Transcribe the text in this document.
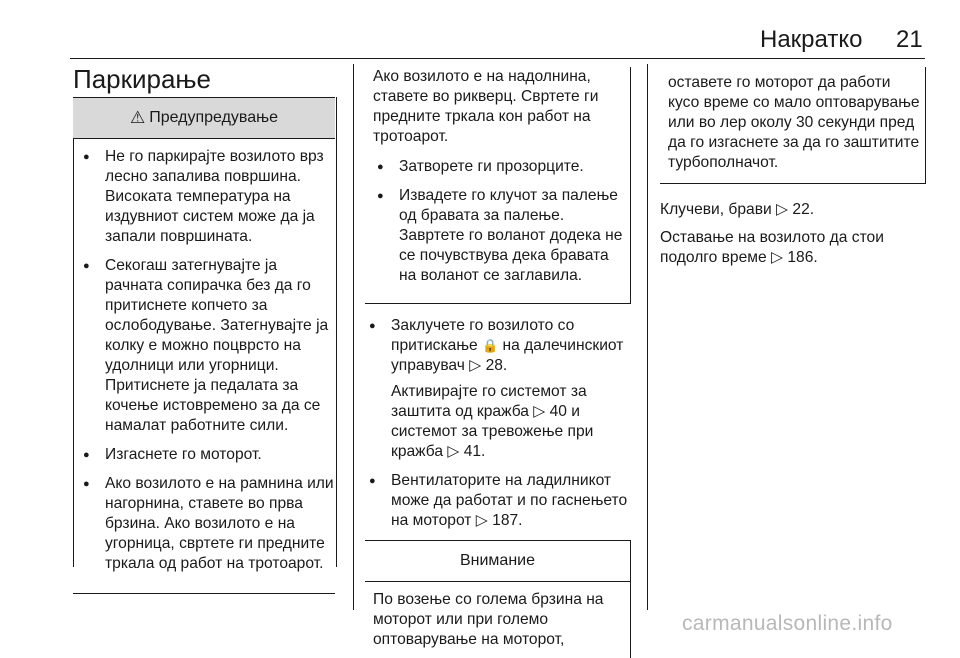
Накратко 21
Паркирање
⚠ Предупредување
● Не го паркирајте возилото врз лесно запалива површина. Високата температура на издувниот систем може да ја запали површината.
● Секогаш затегнувајте ја рачната сопирачка без да го притиснете копчето за ослободување. Затегнувајте ја колку е можно поцврсто на удолници или угорници. Притиснете ја педалата за кочење истовремено за да се намалат работните сили.
● Изгаснете го моторот.
● Ако возилото е на рамнина или нагорнина, ставете во прва брзина. Ако возилото е на угорница, свртете ги предните тркала од работ на тротоарот.

Ако возилото е на надолнина, ставете во рикверц. Свртете ги предните тркала кон работ на тротоарот.

● Затворете ги прозорците.
● Извадете го клучот за палење од бравата за палење. Завртете го воланот додека не се почувствува дека бравата на воланот се заглавила.

● Заклучете го возилото со притискање 🔒 на далечинскиот управувач ▷ 28.

Активирајте го системот за заштита од кражба ▷ 40 и системот за тревожење при кражба ▷ 41.

● Вентилаторите на ладилникот може да работат и по гаснењето на моторот ▷ 187.
Внимание
По возење со голема брзина на моторот или при големо оптоварување на моторот,
оставете го моторот да работи кусо време со мало оптоварување или во лер околу 30 секунди пред да го изгаснете за да го заштитите турбополначот.

Клучеви, брави ▷ 22.

Оставање на возилото да стои подолго време ▷ 186.

carmanualsonline.info
